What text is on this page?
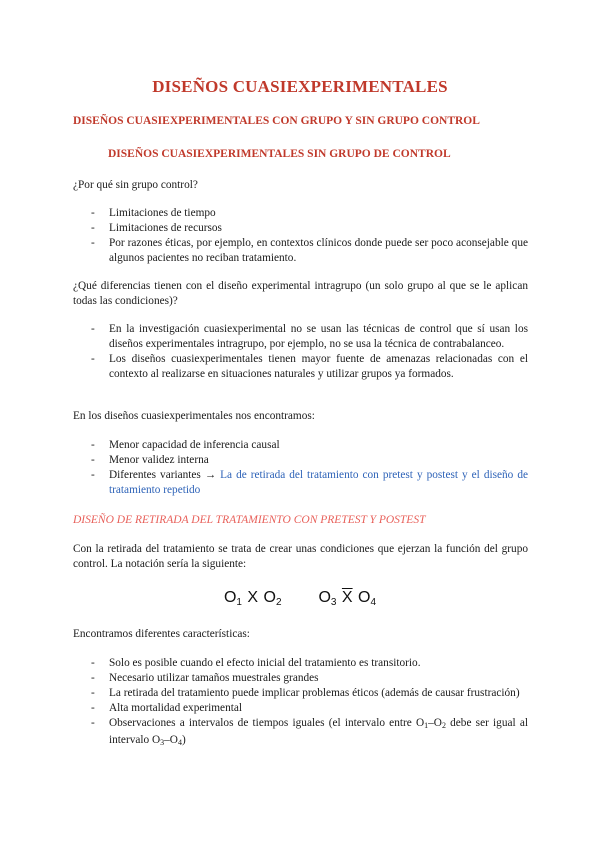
DISEÑOS CUASIEXPERIMENTALES
DISEÑOS CUASIEXPERIMENTALES CON GRUPO Y SIN GRUPO CONTROL
DISEÑOS CUASIEXPERIMENTALES SIN GRUPO DE CONTROL

¿Por qué sin grupo control?

- Limitaciones de tiempo
- Limitaciones de recursos
- Por razones éticas, por ejemplo, en contextos clínicos donde puede ser poco aconsejable que algunos pacientes no reciban tratamiento.

¿Qué diferencias tienen con el diseño experimental intragrupo (un solo grupo al que se le aplican todas las condiciones)?

- En la investigación cuasiexperimental no se usan las técnicas de control que sí usan los diseños experimentales intragrupo, por ejemplo, no se usa la técnica de contrabalanceo.
- Los diseños cuasiexperimentales tienen mayor fuente de amenazas relacionadas con el contexto al realizarse en situaciones naturales y utilizar grupos ya formados.

En los diseños cuasiexperimentales nos encontramos:

- Menor capacidad de inferencia causal
- Menor validez interna
- Diferentes variantes → La de retirada del tratamiento con pretest y postest y el diseño de tratamiento repetido
DISEÑO DE RETIRADA DEL TRATAMIENTO CON PRETEST Y POSTEST

Con la retirada del tratamiento se trata de crear unas condiciones que ejerzan la función del grupo control. La notación sería la siguiente:

$O_1$ X $O_2$ $O_3$ $\overline{X}$ $O_4$

Encontramos diferentes características:

- Solo es posible cuando el efecto inicial del tratamiento es transitorio.
- Necesario utilizar tamaños muestrales grandes
- La retirada del tratamiento puede implicar problemas éticos (además de causar frustración)
- Alta mortalidad experimental
- Observaciones a intervalos de tiempos iguales (el intervalo entre O1–O2 debe ser igual al intervalo O3–O4)
